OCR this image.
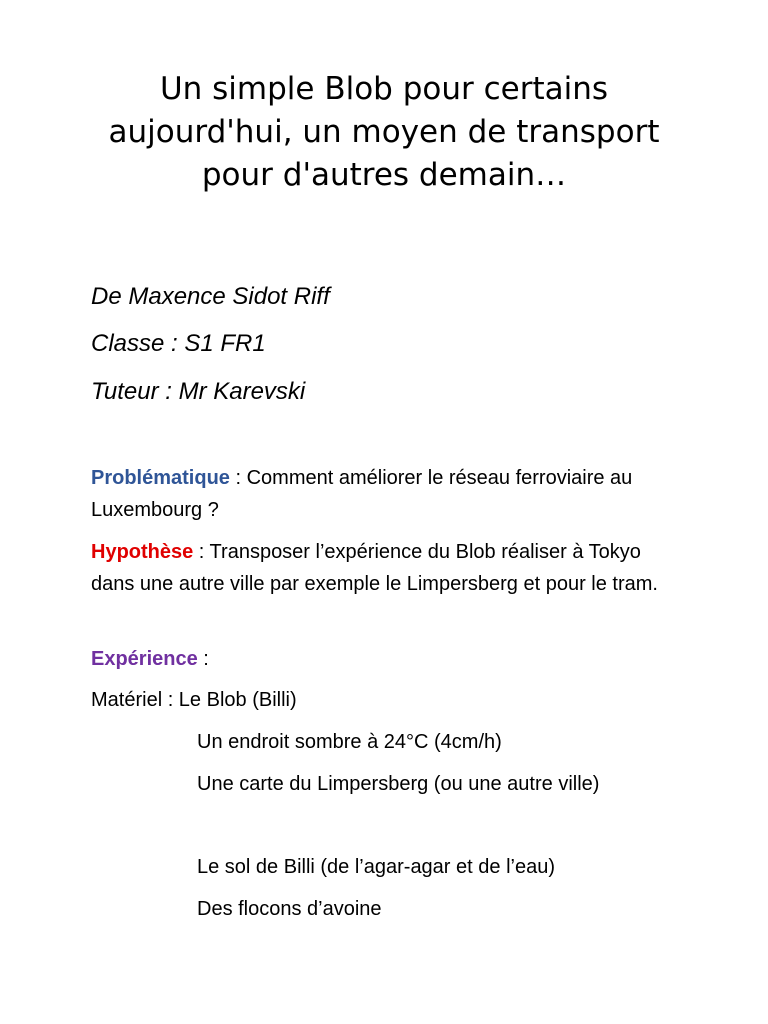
Un simple Blob pour certains aujourd'hui, un moyen de transport pour d'autres demain…

De Maxence Sidot Riff

Classe : S1 FR1

Tuteur : Mr Karevski

Problématique : Comment améliorer le réseau ferroviaire au Luxembourg ?

Hypothèse : Transposer l’expérience du Blob réaliser à Tokyo dans une autre ville par exemple le Limpersberg et pour le tram.

Expérience :

Matériel : Le Blob (Billi)

Un endroit sombre à 24°C (4cm/h)

Une carte du Limpersberg (ou une autre ville)

Le sol de Billi (de l’agar-agar et de l’eau)

Des flocons d’avoine
